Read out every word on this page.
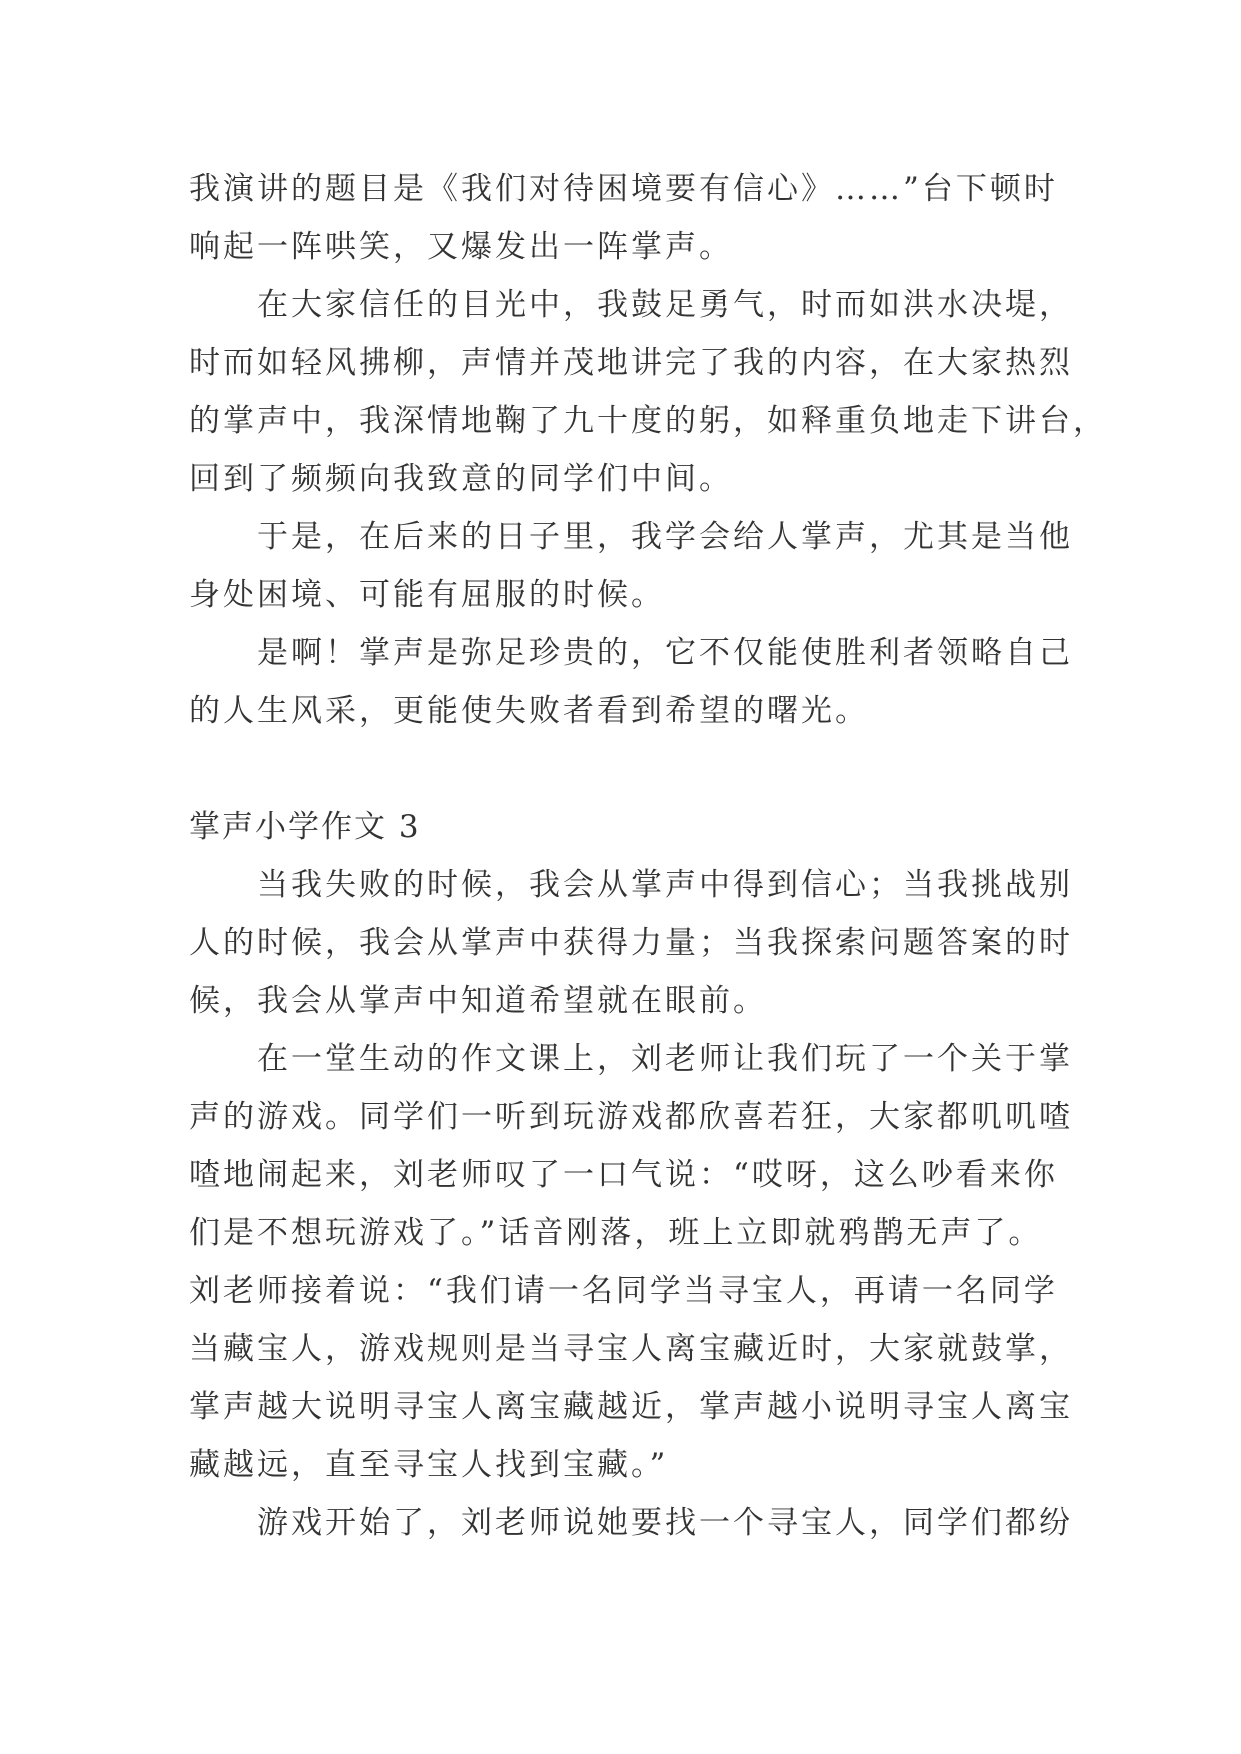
我演讲的题目是《我们对待困境要有信心》……”台下顿时
响起一阵哄笑，又爆发出一阵掌声。
在大家信任的目光中，我鼓足勇气，时而如洪水决堤，
时而如轻风拂柳，声情并茂地讲完了我的内容，在大家热烈
的掌声中，我深情地鞠了九十度的躬，如释重负地走下讲台，
回到了频频向我致意的同学们中间。
于是，在后来的日子里，我学会给人掌声，尤其是当他
身处困境、可能有屈服的时候。
是啊！掌声是弥足珍贵的，它不仅能使胜利者领略自己
的人生风采，更能使失败者看到希望的曙光。
掌声小学作文 3
当我失败的时候，我会从掌声中得到信心；当我挑战别
人的时候，我会从掌声中获得力量；当我探索问题答案的时
候，我会从掌声中知道希望就在眼前。
在一堂生动的作文课上，刘老师让我们玩了一个关于掌
声的游戏。同学们一听到玩游戏都欣喜若狂，大家都叽叽喳
喳地闹起来，刘老师叹了一口气说：“哎呀，这么吵看来你
们是不想玩游戏了。”话音刚落，班上立即就鸦鹊无声了。
刘老师接着说：“我们请一名同学当寻宝人，再请一名同学
当藏宝人，游戏规则是当寻宝人离宝藏近时，大家就鼓掌，
掌声越大说明寻宝人离宝藏越近，掌声越小说明寻宝人离宝
藏越远，直至寻宝人找到宝藏。”
游戏开始了，刘老师说她要找一个寻宝人，同学们都纷
